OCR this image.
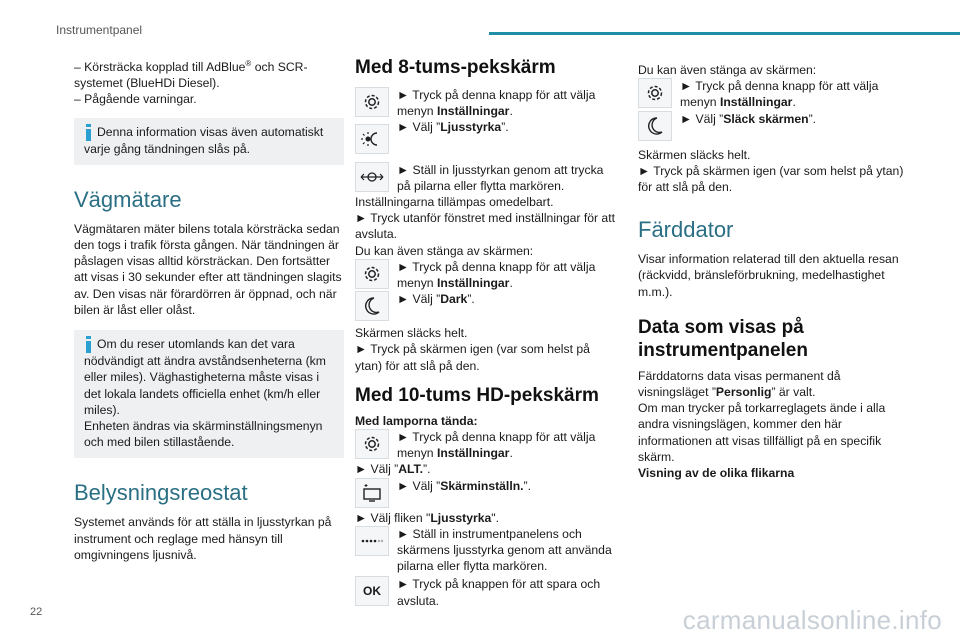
Instrumentpanel

– Körsträcka kopplad till AdBlue® och SCR-systemet (BlueHDi Diesel).

– Pågående varningar.

Denna information visas även automatiskt varje gång tändningen slås på.

Vägmätare

Vägmätaren mäter bilens totala körsträcka sedan den togs i trafik första gången. När tändningen är påslagen visas alltid körsträckan. Den fortsätter att visas i 30 sekunder efter att tändningen slagits av. Den visas när förardörren är öppnad, och när bilen är låst eller olåst.

Om du reser utomlands kan det vara nödvändigt att ändra avståndsenheterna (km eller miles). Väghastigheterna måste visas i det lokala landets officiella enhet (km/h eller miles).

Enheten ändras via skärminställningsmenyn och med bilen stillastående.

Belysningsreostat

Systemet används för att ställa in ljusstyrkan på instrument och reglage med hänsyn till omgivningens ljusnivå.

Med 8-tums-pekskärm

► Tryck på denna knapp för att välja menyn Inställningar.
► Välj ”Ljusstyrka”.

► Ställ in ljusstyrkan genom att trycka på pilarna eller flytta markören.

Inställningarna tillämpas omedelbart.

► Tryck utanför fönstret med inställningar för att avsluta.

Du kan även stänga av skärmen:

► Tryck på denna knapp för att välja menyn Inställningar.

► Välj ”Dark”.

Skärmen släcks helt.

► Tryck på skärmen igen (var som helst på ytan) för att slå på den.

Med 10-tums HD-pekskärm

Med lamporna tända:

► Tryck på denna knapp för att välja menyn Inställningar.

► Välj ”ALT.”.

► Välj ”Skärminställn.”.

► Välj fliken "Ljusstyrka".

► Ställ in instrumentpanelens och skärmens ljusstyrka genom att använda pilarna eller flytta markören.

OK ► Tryck på knappen för att spara och avsluta.

Du kan även stänga av skärmen:

► Tryck på denna knapp för att välja menyn Inställningar.

► Välj ”Släck skärmen”.

Skärmen släcks helt.

► Tryck på skärmen igen (var som helst på ytan) för att slå på den.

Färddator

Visar information relaterad till den aktuella resan (räckvidd, bränsleförbrukning, medelhastighet m.m.).

Data som visas på instrumentpanelen

Färddatorns data visas permanent då visningsläget ”Personlig” är valt.

Om man trycker på torkarreglagets ände i alla andra visningslägen, kommer den här informationen att visas tillfälligt på en specifik skärm.

Visning av de olika flikarna

22	carmanualsonline.info
